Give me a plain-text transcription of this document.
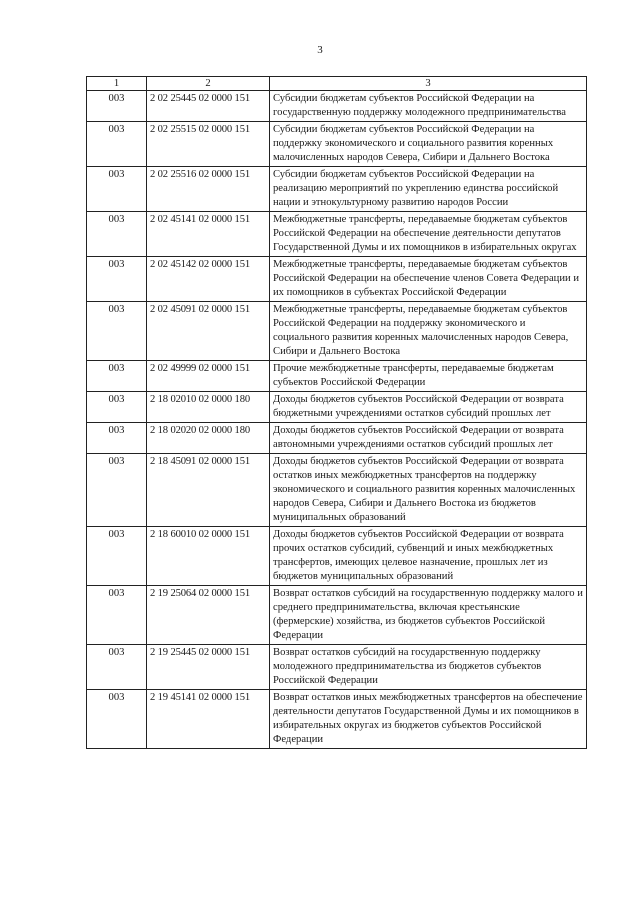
3
1	2	3
003	2 02 25445 02 0000 151	Субсидии бюджетам субъектов Российской Федерации на государственную поддержку молодежного предпринимательства
003	2 02 25515 02 0000 151	Субсидии бюджетам субъектов Российской Федерации на поддержку экономического и социального развития коренных малочисленных народов Севера, Сибири и Дальнего Востока
003	2 02 25516 02 0000 151	Субсидии бюджетам субъектов Российской Федерации на реализацию мероприятий по укреплению единства российской нации и этнокультурному развитию народов России
003	2 02 45141 02 0000 151	Межбюджетные трансферты, передаваемые бюджетам субъектов Российской Федерации на обеспечение деятельности депутатов Государственной Думы и их помощников в избирательных округах
003	2 02 45142 02 0000 151	Межбюджетные трансферты, передаваемые бюджетам субъектов Российской Федерации на обеспечение членов Совета Федерации и их помощников в субъектах Российской Федерации
003	2 02 45091 02 0000 151	Межбюджетные трансферты, передаваемые бюджетам субъектов Российской Федерации на поддержку экономического и социального развития коренных малочисленных народов Севера, Сибири и Дальнего Востока
003	2 02 49999 02 0000 151	Прочие межбюджетные трансферты, передаваемые бюджетам субъектов Российской Федерации
003	2 18 02010 02 0000 180	Доходы бюджетов субъектов Российской Федерации от возврата бюджетными учреждениями остатков субсидий прошлых лет
003	2 18 02020 02 0000 180	Доходы бюджетов субъектов Российской Федерации от возврата автономными учреждениями остатков субсидий прошлых лет
003	2 18 45091 02 0000 151	Доходы бюджетов субъектов Российской Федерации от возврата остатков иных межбюджетных трансфертов на поддержку экономического и социального развития коренных малочисленных народов Севера, Сибири и Дальнего Востока из бюджетов муниципальных образований
003	2 18 60010 02 0000 151	Доходы бюджетов субъектов Российской Федерации от возврата прочих остатков субсидий, субвенций и иных межбюджетных трансфертов, имеющих целевое назначение, прошлых лет из бюджетов муниципальных образований
003	2 19 25064 02 0000 151	Возврат остатков субсидий на государственную поддержку малого и среднего предпринимательства, включая крестьянские (фермерские) хозяйства, из бюджетов субъектов Российской Федерации
003	2 19 25445 02 0000 151	Возврат остатков субсидий на государственную поддержку молодежного предпринимательства из бюджетов субъектов Российской Федерации
003	2 19 45141 02 0000 151	Возврат остатков иных межбюджетных трансфертов на обеспечение деятельности депутатов Государственной Думы и их помощников в избирательных округах из бюджетов субъектов Российской Федерации
